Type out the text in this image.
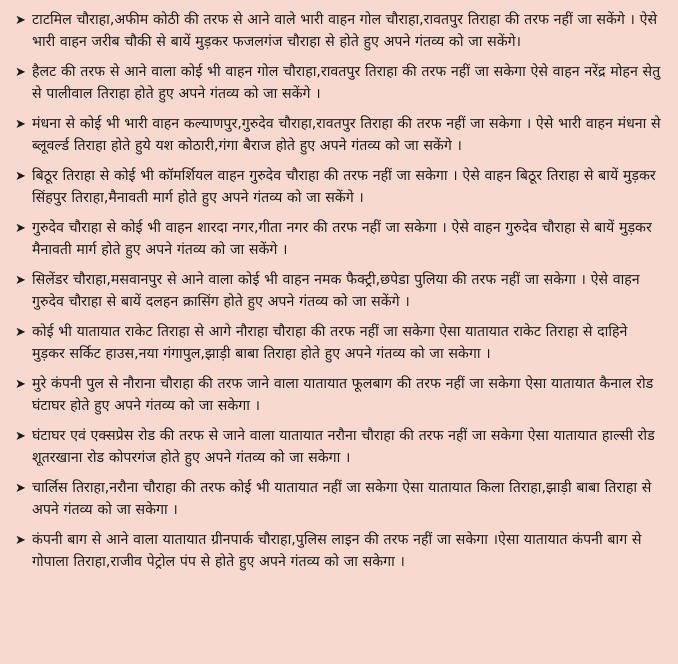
➤ टाटमिल चौराहा,अफीम कोठी की तरफ से आने वाले भारी वाहन गोल चौराहा,रावतपुर तिराहा की तरफ नहीं जा सकेंगे । ऐसे भारी वाहन जरीब चौकी से बायें मुड़कर फजलगंज चौराहा से होते हुए अपने गंतव्य को जा सकेंगे।
➤ हैलट की तरफ से आने वाला कोई भी वाहन गोल चौराहा,रावतपुर तिराहा की तरफ नहीं जा सकेगा ऐसे वाहन नरेंद्र मोहन सेतु से पालीवाल तिराहा होते हुए अपने गंतव्य को जा सकेंगे ।
➤ मंधना से कोई भी भारी वाहन कल्याणपुर,गुरुदेव चौराहा,रावतपुर तिराहा की तरफ नहीं जा सकेगा । ऐसे भारी वाहन मंधना से ब्लूवर्ल्ड तिराहा होते हुये यश कोठारी,गंगा बैराज होते हुए अपने गंतव्य को जा सकेंगे ।
➤ बिठूर तिराहा से कोई भी कॉमर्शियल वाहन गुरुदेव चौराहा की तरफ नहीं जा सकेगा । ऐसे वाहन बिठूर तिराहा से बायें मुड़कर सिंहपुर तिराहा,मैनावती मार्ग होते हुए अपने गंतव्य को जा सकेंगे ।
➤ गुरुदेव चौराहा से कोई भी वाहन शारदा नगर,गीता नगर की तरफ नहीं जा सकेगा । ऐसे वाहन गुरुदेव चौराहा से बायें मुड़कर मैनावती मार्ग होते हुए अपने गंतव्य को जा सकेंगे ।
➤ सिलेंडर चौराहा,मसवानपुर से आने वाला कोई भी वाहन नमक फैक्ट्री,छपेडा पुलिया की तरफ नहीं जा सकेगा । ऐसे वाहन गुरुदेव चौराहा से बायें दलहन क्रासिंग होते हुए अपने गंतव्य को जा सकेंगे ।
➤ कोई भी यातायात राकेट तिराहा से आगे नौराहा चौराहा की तरफ नहीं जा सकेगा ऐसा यातायात राकेट तिराहा से दाहिने मुड़कर सर्किट हाउस,नया गंगापुल,झाड़ी बाबा तिराहा होते हुए अपने गंतव्य को जा सकेगा ।
➤ मुरे कंपनी पुल से नौराना चौराहा की तरफ जाने वाला यातायात फूलबाग की तरफ नहीं जा सकेगा ऐसा यातायात कैनाल रोड घंटाघर होते हुए अपने गंतव्य को जा सकेगा ।
➤ घंटाघर एवं एक्सप्रेस रोड की तरफ से जाने वाला यातायात नरौना चौराहा की तरफ नहीं जा सकेगा ऐसा यातायात हाल्सी रोड शूतरखाना रोड कोपरगंज होते हुए अपने गंतव्य को जा सकेगा ।
➤ चार्लिस तिराहा,नरौना चौराहा की तरफ कोई भी यातायात नहीं जा सकेगा ऐसा यातायात किला तिराहा,झाड़ी बाबा तिराहा से अपने गंतव्य को जा सकेगा ।
➤ कंपनी बाग से आने वाला यातायात ग्रीनपार्क चौराहा,पुलिस लाइन की तरफ नहीं जा सकेगा ।ऐसा यातायात कंपनी बाग से गोपाला तिराहा,राजीव पेट्रोल पंप से होते हुए अपने गंतव्य को जा सकेगा ।
